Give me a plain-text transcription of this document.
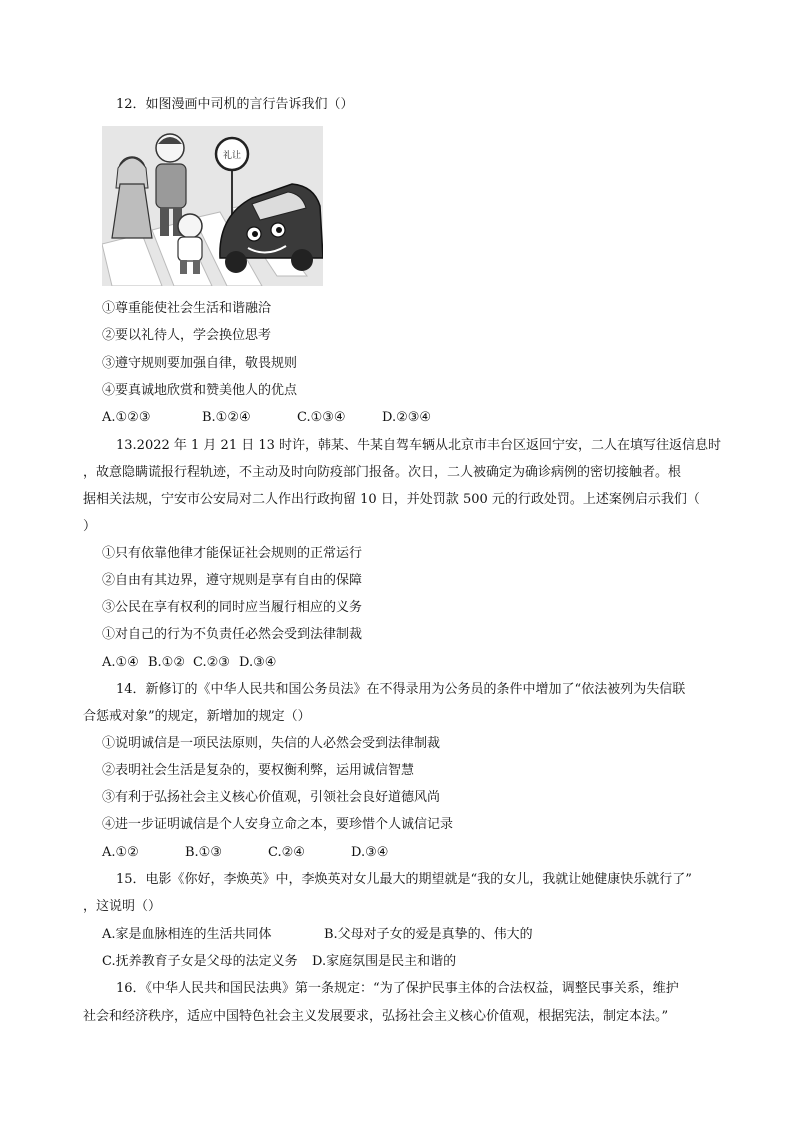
12．如图漫画中司机的言行告诉我们（）
礼让
①尊重能使社会生活和谐融洽
②要以礼待人，学会换位思考
③遵守规则要加强自律，敬畏规则
④要真诚地欣赏和赞美他人的优点
A.①②③	B.①②④	C.①③④	D.②③④
13.2022 年 1 月 21 日 13 时许，韩某、牛某自驾车辆从北京市丰台区返回宁安，二人在填写往返信息时
，故意隐瞒谎报行程轨迹，不主动及时向防疫部门报备。次日，二人被确定为确诊病例的密切接触者。根
据相关法规，宁安市公安局对二人作出行政拘留 10 日，并处罚款 500 元的行政处罚。上述案例启示我们（
）
①只有依靠他律才能保证社会规则的正常运行
②自由有其边界，遵守规则是享有自由的保障
③公民在享有权利的同时应当履行相应的义务
①对自己的行为不负责任必然会受到法律制裁
A.①④ B.①② C.②③ D.③④
14．新修订的《中华人民共和国公务员法》在不得录用为公务员的条件中增加了“依法被列为失信联
合惩戒对象”的规定，新增加的规定（）
①说明诚信是一项民法原则，失信的人必然会受到法律制裁
②表明社会生活是复杂的，要权衡利弊，运用诚信智慧
③有利于弘扬社会主义核心价值观，引领社会良好道德风尚
④进一步证明诚信是个人安身立命之本，要珍惜个人诚信记录
A.①②	B.①③	C.②④	D.③④
15．电影《你好，李焕英》中，李焕英对女儿最大的期望就是“我的女儿，我就让她健康快乐就行了”
，这说明（）
A.家是血脉相连的生活共同体	B.父母对子女的爱是真挚的、伟大的
C.抚养教育子女是父母的法定义务 D.家庭氛围是民主和谐的
16．《中华人民共和国民法典》第一条规定：“为了保护民事主体的合法权益，调整民事关系，维护
社会和经济秩序，适应中国特色社会主义发展要求，弘扬社会主义核心价值观，根据宪法，制定本法。”
